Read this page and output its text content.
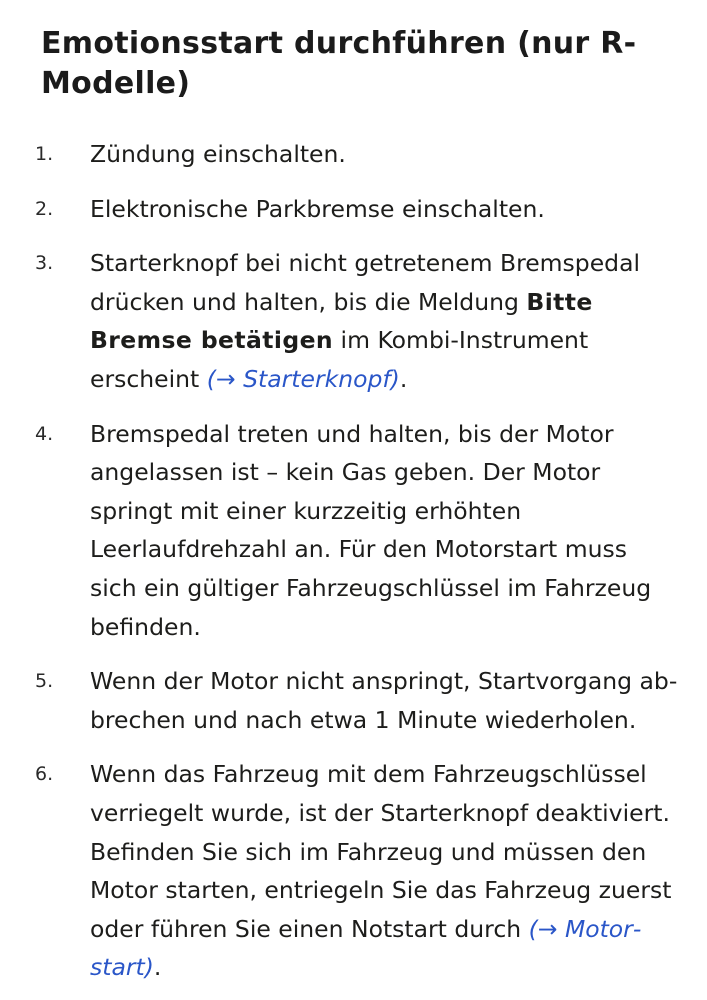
Emotionsstart durchführen (nur R-
Modelle)
1.	Zündung einschalten.
2.	Elektronische Parkbremse einschalten.
3.	Starterknopf bei nicht getretenem Bremspedal drücken und halten, bis die Meldung Bitte Bremse betätigen im Kombi-Instrument erscheint (→ Starterknopf).
4.	Bremspedal treten und halten, bis der Motor angelassen ist – kein Gas geben. Der Motor springt mit einer kurzzeitig erhöhten Leerlaufdrehzahl an. Für den Motorstart muss sich ein gültiger Fahrzeugschlüssel im Fahrzeug befinden.
5.	Wenn der Motor nicht anspringt, Startvorgang abbrechen und nach etwa 1 Minute wiederholen.
6.	Wenn das Fahrzeug mit dem Fahrzeugschlüssel verriegelt wurde, ist der Starterknopf deaktiviert. Befinden Sie sich im Fahrzeug und müssen den Motor starten, entriegeln Sie das Fahrzeug zuerst oder führen Sie einen Notstart durch (→ Motorstart).
